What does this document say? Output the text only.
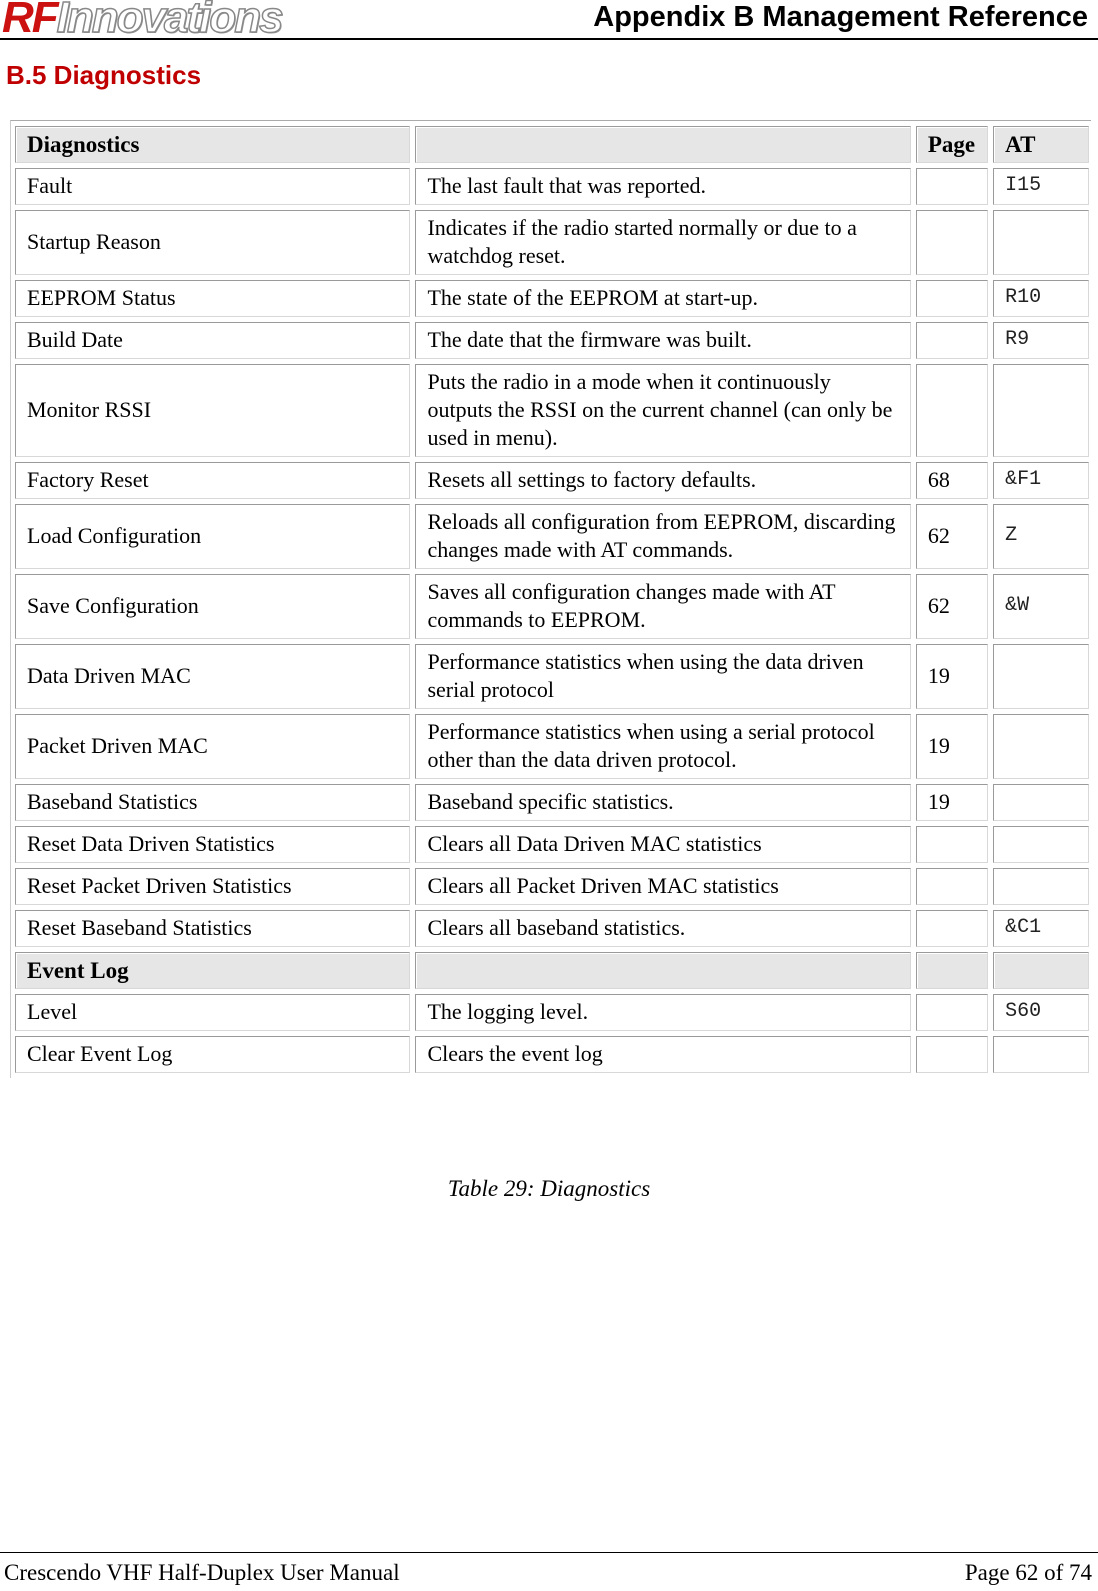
RFInnovations	Appendix B Management Reference
B.5 Diagnostics
Diagnostics		Page	AT
Fault	The last fault that was reported.		I15
Startup Reason	Indicates if the radio started normally or due to a watchdog reset.		
EEPROM Status	The state of the EEPROM at start-up.		R10
Build Date	The date that the firmware was built.		R9
Monitor RSSI	Puts the radio in a mode when it continuously outputs the RSSI on the current channel (can only be used in menu).		
Factory Reset	Resets all settings to factory defaults.	68	&F1
Load Configuration	Reloads all configuration from EEPROM, discarding changes made with AT commands.	62	Z
Save Configuration	Saves all configuration changes made with AT commands to EEPROM.	62	&W
Data Driven MAC	Performance statistics when using the data driven serial protocol	19	
Packet Driven MAC	Performance statistics when using a serial protocol other than the data driven protocol.	19	
Baseband Statistics	Baseband specific statistics.	19	
Reset Data Driven Statistics	Clears all Data Driven MAC statistics		
Reset Packet Driven Statistics	Clears all Packet Driven MAC statistics		
Reset Baseband Statistics	Clears all baseband statistics.		&C1
Event Log			
Level	The logging level.		S60
Clear Event Log	Clears the event log		
Table 29: Diagnostics
Crescendo VHF Half-Duplex User Manual	Page 62 of 74
